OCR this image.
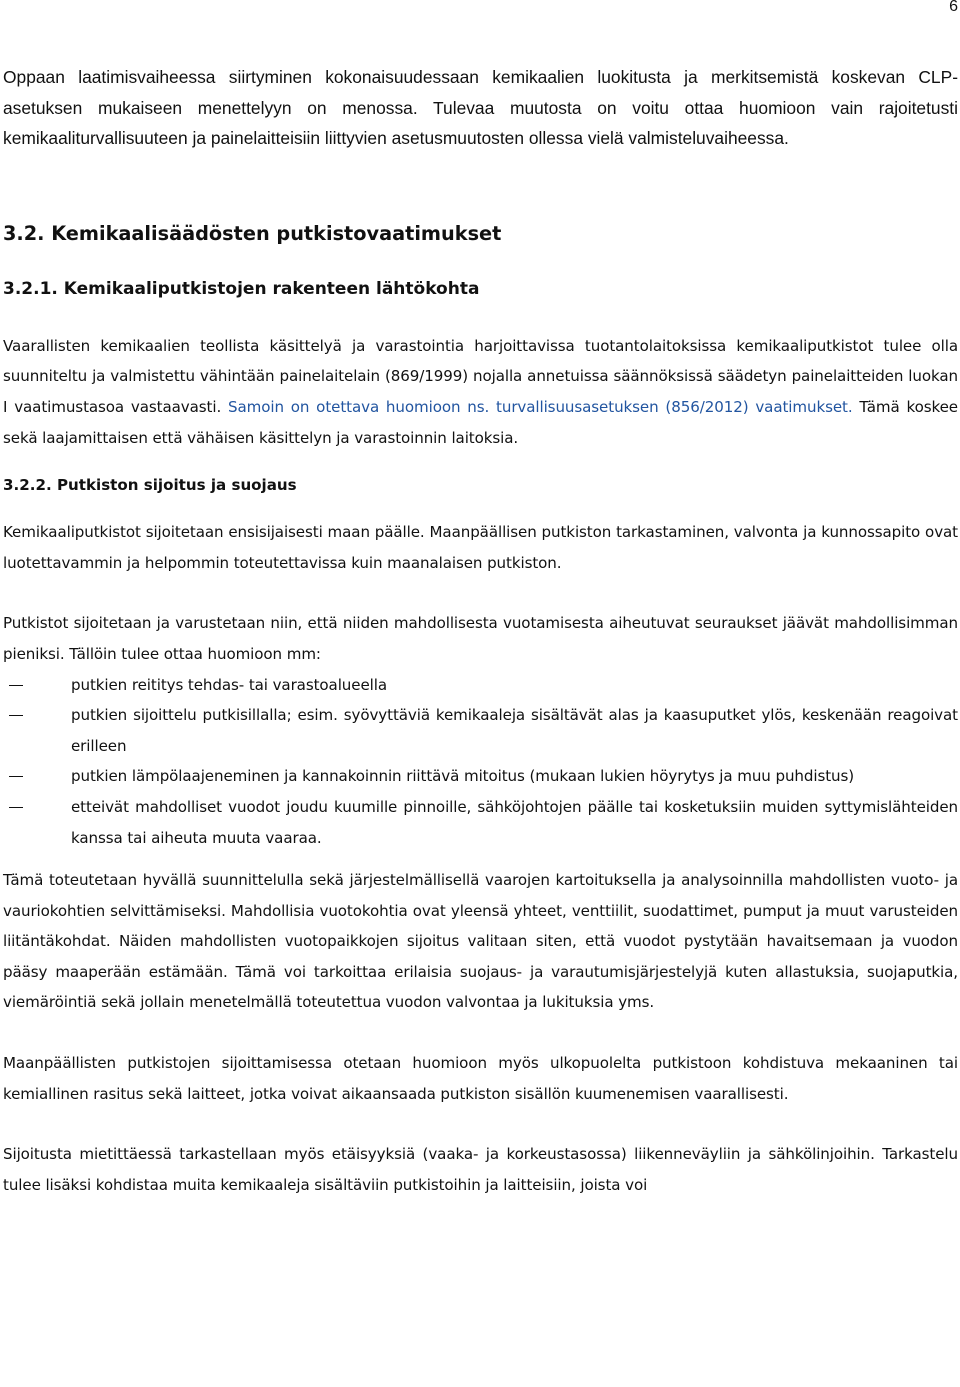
6

Oppaan laatimisvaiheessa siirtyminen kokonaisuudessaan kemikaalien luokitusta ja merkitsemistä koskevan CLP-asetuksen mukaiseen menettelyyn on menossa. Tulevaa muutosta on voitu ottaa huomioon vain rajoitetusti kemikaaliturvallisuuteen ja painelaitteisiin liittyvien asetusmuutosten ollessa vielä valmisteluvaiheessa.

3.2. Kemikaalisäädösten putkistovaatimukset
3.2.1. Kemikaaliputkistojen rakenteen lähtökohta

Vaarallisten kemikaalien teollista käsittelyä ja varastointia harjoittavissa tuotantolaitoksissa kemikaaliputkistot tulee olla suunniteltu ja valmistettu vähintään painelaitelain (869/1999) nojalla annetuissa säännöksissä säädetyn painelaitteiden luokan I vaatimustasoa vastaavasti. Samoin on otettava huomioon ns. turvallisuusasetuksen (856/2012) vaatimukset. Tämä koskee sekä laajamittaisen että vähäisen käsittelyn ja varastoinnin laitoksia.

3.2.2. Putkiston sijoitus ja suojaus

Kemikaaliputkistot sijoitetaan ensisijaisesti maan päälle. Maanpäällisen putkiston tarkastaminen, valvonta ja kunnossapito ovat luotettavammin ja helpommin toteutettavissa kuin maanalaisen putkiston.

Putkistot sijoitetaan ja varustetaan niin, että niiden mahdollisesta vuotamisesta aiheutuvat seuraukset jäävät mahdollisimman pieniksi. Tällöin tulee ottaa huomioon mm:

putkien reititys tehdas- tai varastoalueella
putkien sijoittelu putkisillalla; esim. syövyttäviä kemikaaleja sisältävät alas ja kaasuputket ylös, keskenään reagoivat erilleen
putkien lämpölaajeneminen ja kannakoinnin riittävä mitoitus (mukaan lukien höyrytys ja muu puhdistus)
etteivät mahdolliset vuodot joudu kuumille pinnoille, sähköjohtojen päälle tai kosketuksiin muiden syttymislähteiden kanssa tai aiheuta muuta vaaraa.

Tämä toteutetaan hyvällä suunnittelulla sekä järjestelmällisellä vaarojen kartoituksella ja analysoinnilla mahdollisten vuoto- ja vauriokohtien selvittämiseksi. Mahdollisia vuotokohtia ovat yleensä yhteet, venttiilit, suodattimet, pumput ja muut varusteiden liitäntäkohdat. Näiden mahdollisten vuotopaikkojen sijoitus valitaan siten, että vuodot pystytään havaitsemaan ja vuodon pääsy maaperään estämään. Tämä voi tarkoittaa erilaisia suojaus- ja varautumisjärjestelyjä kuten allastuksia, suojaputkia, viemäröintiä sekä jollain menetelmällä toteutettua vuodon valvontaa ja lukituksia yms.

Maanpäällisten putkistojen sijoittamisessa otetaan huomioon myös ulkopuolelta putkistoon kohdistuva mekaaninen tai kemiallinen rasitus sekä laitteet, jotka voivat aikaansaada putkiston sisällön kuumenemisen vaarallisesti.

Sijoitusta mietittäessä tarkastellaan myös etäisyyksiä (vaaka- ja korkeustasossa) liikenneväyliin ja sähkölinjoihin. Tarkastelu tulee lisäksi kohdistaa muita kemikaaleja sisältäviin putkistoihin ja laitteisiin, joista voi
